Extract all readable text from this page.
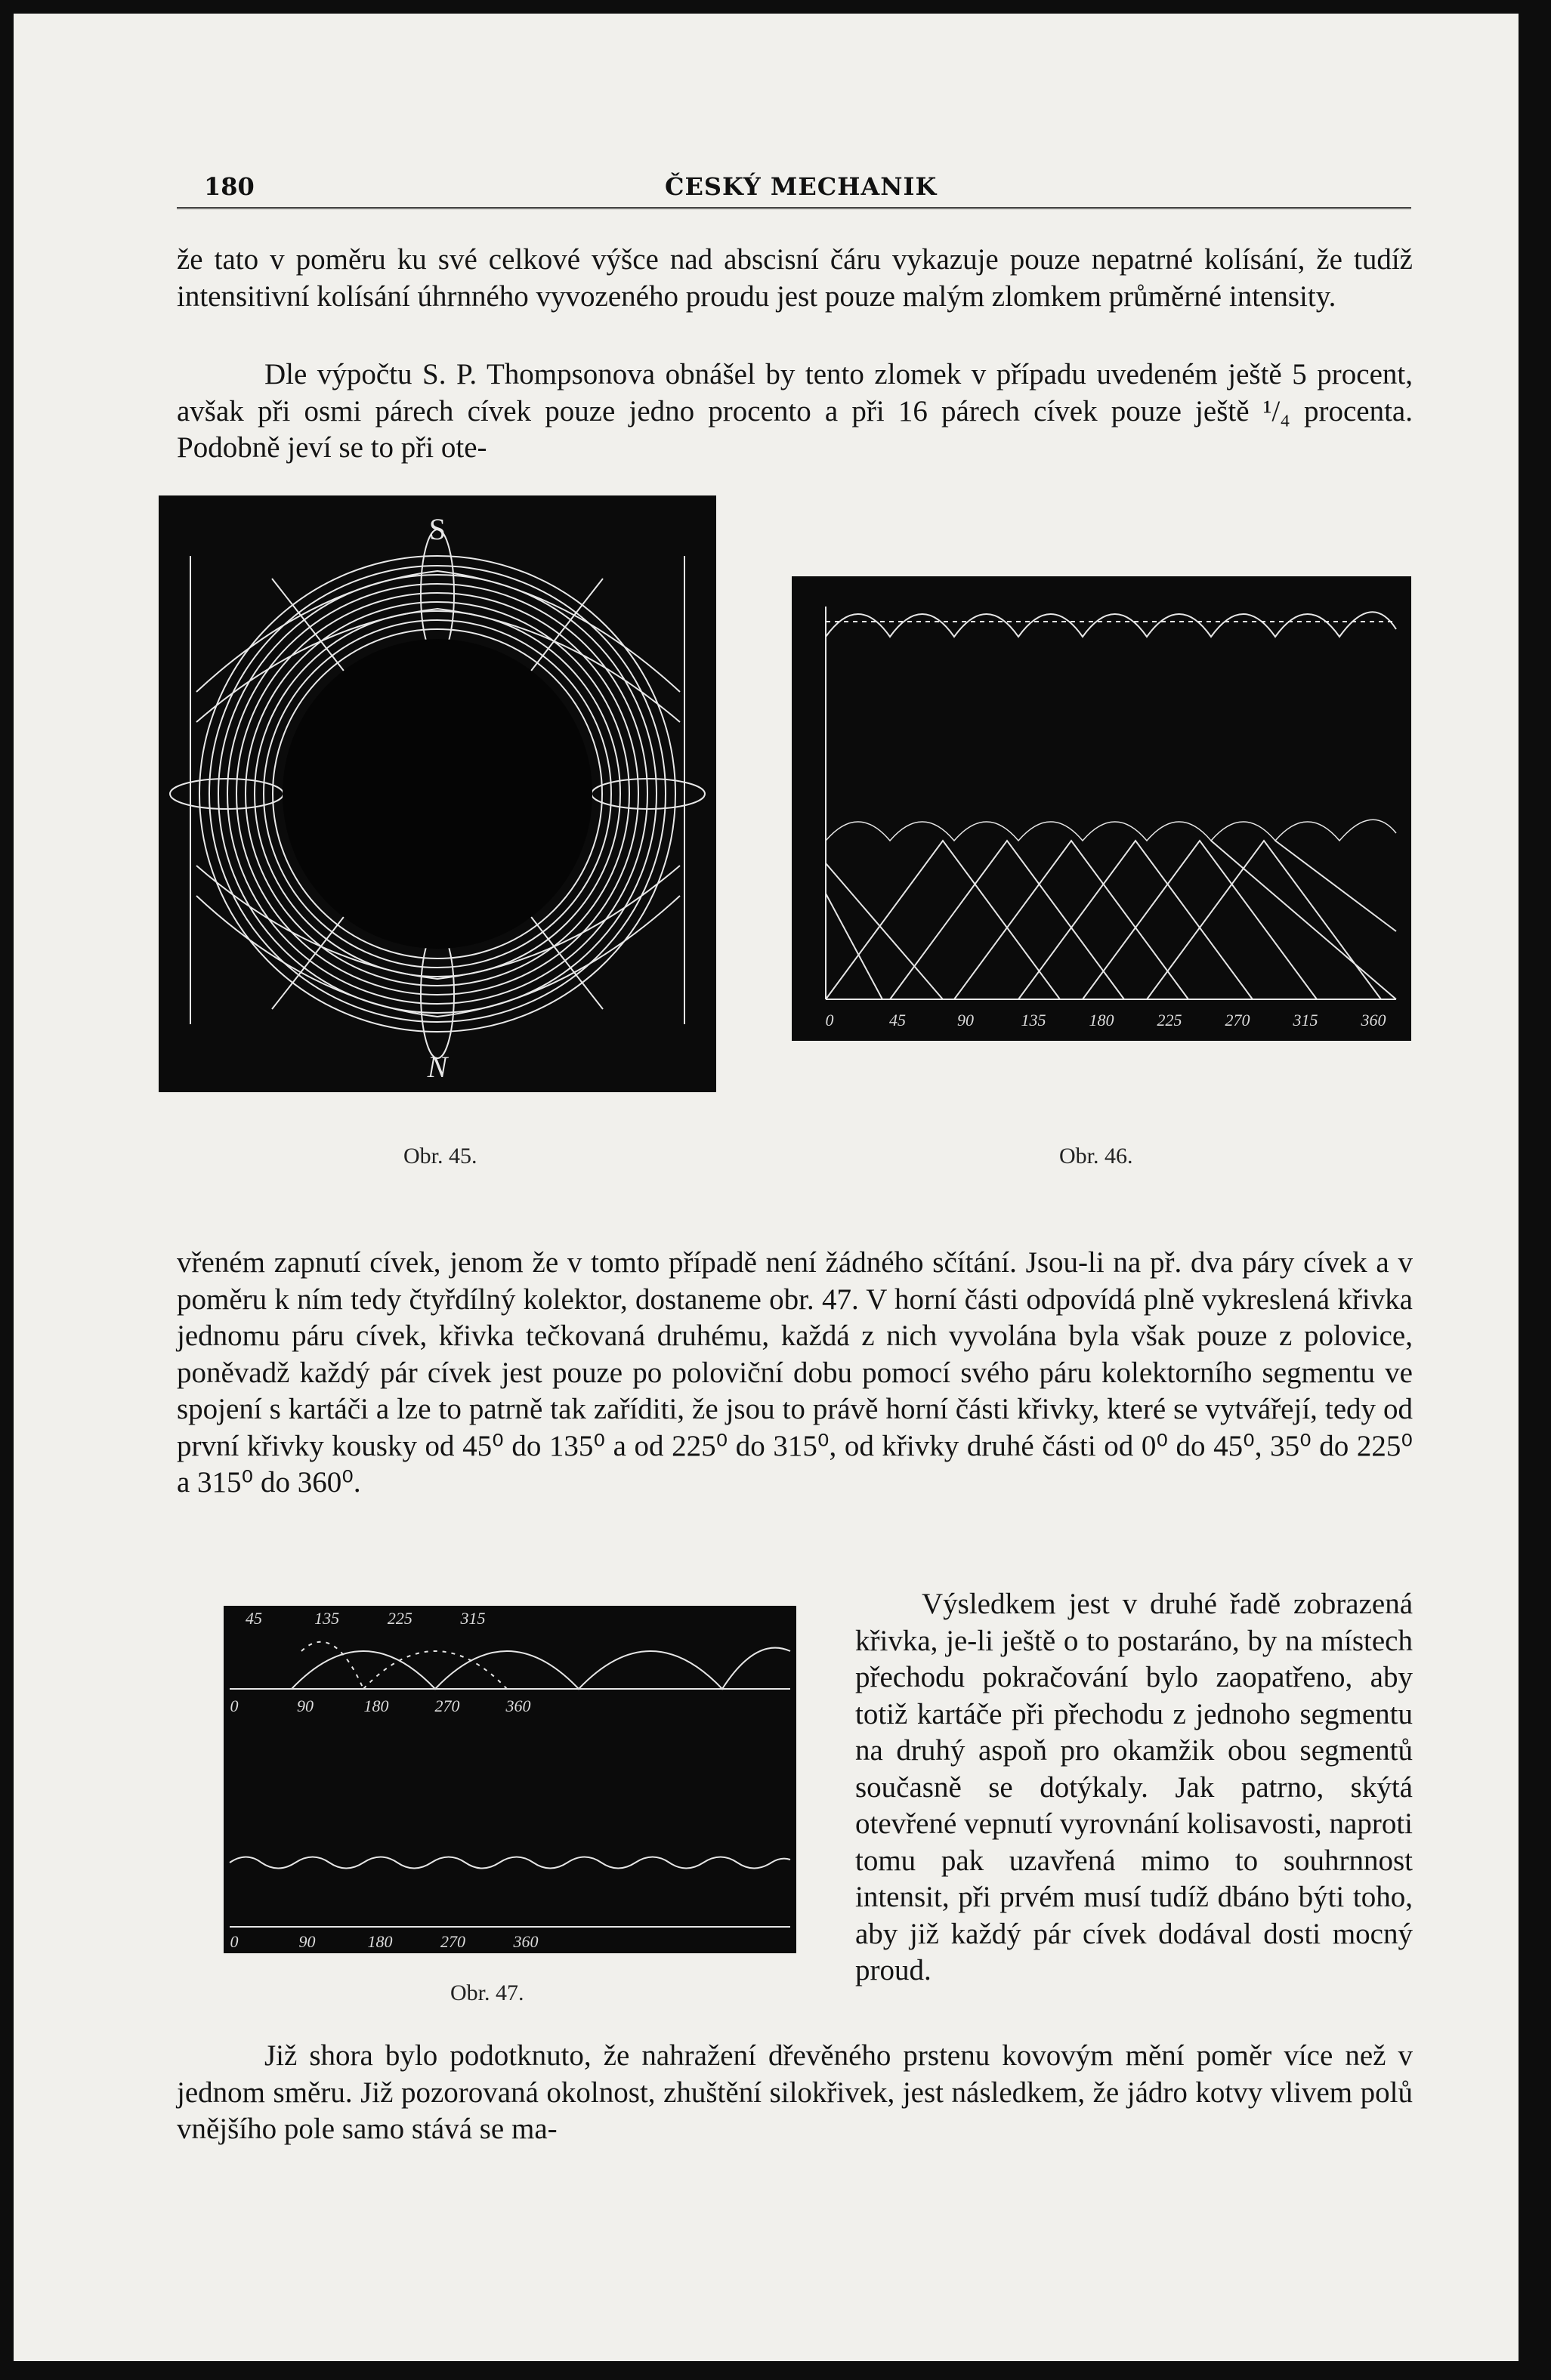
180	ČESKÝ MECHANIK

že tato v poměru ku své celkové výšce nad abscisní čáru vykazuje pouze nepatrné kolísání, že tudíž intensitivní kolísání úhrnného vyvozeného proudu jest pouze malým zlomkem průměrné intensity.

Dle výpočtu S. P. Thompsonova obnášel by tento zlomek v případu uvedeném ještě 5 procent, avšak při osmi párech cívek pouze jedno procento a při 16 párech cívek pouze ještě ¹/₄ procenta. Podobně jeví se to při ote-

S
N
Obr. 45.
0	45	90	135	180	225	270	315	360
Obr. 46.

vřeném zapnutí cívek, jenom že v tomto případě není žádného sčítání. Jsou-li na př. dva páry cívek a v poměru k ním tedy čtyřdílný kolektor, dostaneme obr. 47. V horní části odpovídá plně vykreslená křivka jednomu páru cívek, křivka tečkovaná druhému, každá z nich vyvolána byla však pouze z polovice, poněvadž každý pár cívek jest pouze po poloviční dobu pomocí svého páru kolektorního segmentu ve spojení s kartáči a lze to patrně tak zaříditi, že jsou to právě horní části křivky, které se vytvářejí, tedy od první křivky kousky od 45⁰ do 135⁰ a od 225⁰ do 315⁰, od křivky druhé části od 0⁰ do 45⁰, 35⁰ do 225⁰ a 315⁰ do 360⁰.

45	135	225	315
0	90	180	270	360
0	90	180	270	360
Obr. 47.

Výsledkem jest v druhé řadě zobrazená křivka, je-li ještě o to postaráno, by na místech přechodu pokračování bylo zaopatřeno, aby totiž kartáče při přechodu z jednoho segmentu na druhý aspoň pro okamžik obou segmentů současně se dotýkaly. Jak patrno, skýtá otevřené vepnutí vyrovnání kolisavosti, naproti tomu pak uzavřená mimo to souhrnnost intensit, při prvém musí tudíž dbáno býti toho, aby již každý pár cívek dodával dosti mocný proud.

Již shora bylo podotknuto, že nahražení dřevěného prstenu kovovým mění poměr více než v jednom směru. Již pozorovaná okolnost, zhuštění silokřivek, jest následkem, že jádro kotvy vlivem polů vnějšího pole samo stává se ma-
